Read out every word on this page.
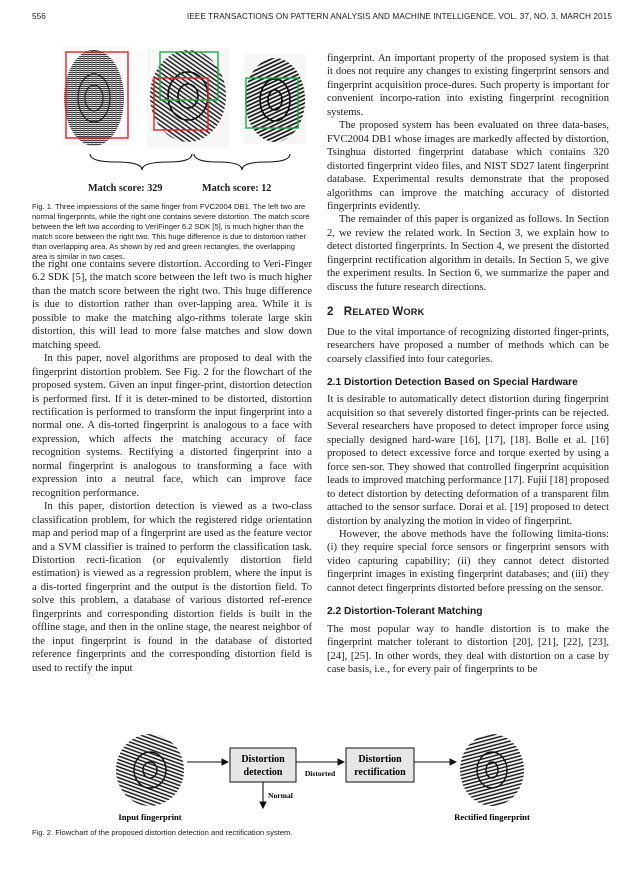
556	IEEE TRANSACTIONS ON PATTERN ANALYSIS AND MACHINE INTELLIGENCE, VOL. 37, NO. 3, MARCH 2015
Match score: 329	Match score: 12
Fig. 1. Three impressions of the same finger from FVC2004 DB1. The left two are normal fingerprints, while the right one contains severe distortion. The match score between the left two according to VeriFinger 6.2 SDK [5], is much higher than the match score between the right two. This huge difference is due to distortion rather than overlapping area. As shown by red and green rectangles, the overlapping area is similar in two cases.

the right one contains severe distortion. According to Veri-Finger 6.2 SDK [5], the match score between the left two is much higher than the match score between the right two. This huge difference is due to distortion rather than over-lapping area. While it is possible to make the matching algo-rithms tolerate large skin distortion, this will lead to more false matches and slow down matching speed.

In this paper, novel algorithms are proposed to deal with the fingerprint distortion problem. See Fig. 2 for the flowchart of the proposed system. Given an input finger-print, distortion detection is performed first. If it is deter-mined to be distorted, distortion rectification is performed to transform the input fingerprint into a normal one. A dis-torted fingerprint is analogous to a face with expression, which affects the matching accuracy of face recognition systems. Rectifying a distorted fingerprint into a normal fingerprint is analogous to transforming a face with expression into a neutral face, which can improve face recognition performance.

In this paper, distortion detection is viewed as a two-class classification problem, for which the registered ridge orientation map and period map of a fingerprint are used as the feature vector and a SVM classifier is trained to perform the classification task. Distortion recti-fication (or equivalently distortion field estimation) is viewed as a regression problem, where the input is a dis-torted fingerprint and the output is the distortion field. To solve this problem, a database of various distorted ref-erence fingerprints and corresponding distortion fields is built in the offline stage, and then in the online stage, the nearest neighbor of the input fingerprint is found in the database of distorted reference fingerprints and the corresponding distortion field is used to rectify the input

fingerprint. An important property of the proposed system is that it does not require any changes to existing fingerprint sensors and fingerprint acquisition proce-dures. Such property is important for convenient incorpo-ration into existing fingerprint recognition systems.

The proposed system has been evaluated on three data-bases, FVC2004 DB1 whose images are markedly affected by distortion, Tsinghua distorted fingerprint database which contains 320 distorted fingerprint video files, and NIST SD27 latent fingerprint database. Experimental results demonstrate that the proposed algorithms can improve the matching accuracy of distorted fingerprints evidently.

The remainder of this paper is organized as follows. In Section 2, we review the related work. In Section 3, we explain how to detect distorted fingerprints. In Section 4, we present the distorted fingerprint rectification algorithm in details. In Section 5, we give the experiment results. In Section 6, we summarize the paper and discuss the future research directions.

2 RELATED WORK

Due to the vital importance of recognizing distorted finger-prints, researchers have proposed a number of methods which can be coarsely classified into four categories.

2.1 Distortion Detection Based on Special Hardware

It is desirable to automatically detect distortion during fingerprint acquisition so that severely distorted finger-prints can be rejected. Several researchers have proposed to detect improper force using specially designed hard-ware [16], [17], [18]. Bolle et al. [16] proposed to detect excessive force and torque exerted by using a force sen-sor. They showed that controlled fingerprint acquisition leads to improved matching performance [17]. Fujii [18] proposed to detect distortion by detecting deformation of a transparent film attached to the sensor surface. Dorai et al. [19] proposed to detect distortion by analyzing the motion in video of fingerprint.

However, the above methods have the following limita-tions: (i) they require special force sensors or fingerprint sensors with video capturing capability; (ii) they cannot detect distorted fingerprint images in existing fingerprint databases; and (iii) they cannot detect fingerprints distorted before pressing on the sensor.

2.2 Distortion-Tolerant Matching

The most popular way to handle distortion is to make the fingerprint matcher tolerant to distortion [20], [21], [22], [23], [24], [25]. In other words, they deal with distortion on a case by case basis, i.e., for every pair of fingerprints to be

Distortion
detection
Distortion
rectification
Distorted
Normal
Input fingerprint	Rectified fingerprint
Fig. 2. Flowchart of the proposed distortion detection and rectification system.
